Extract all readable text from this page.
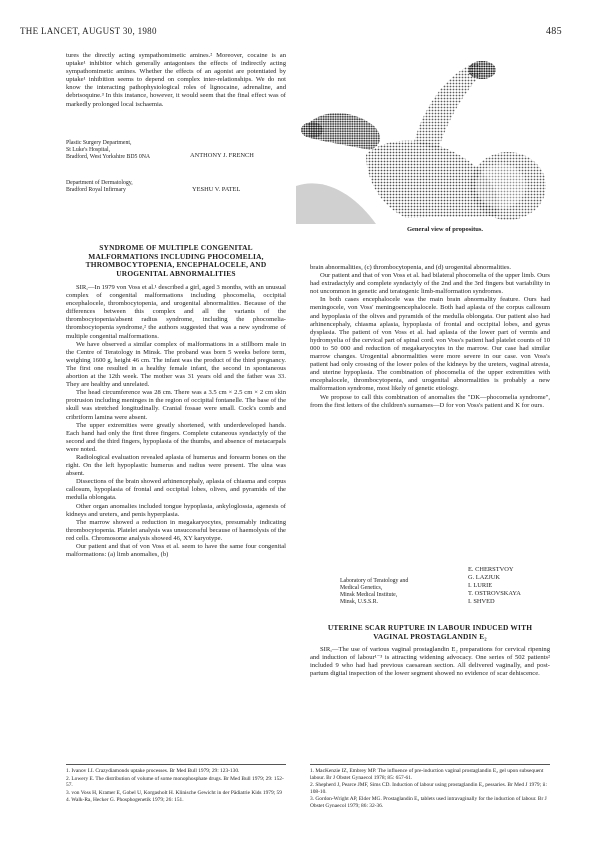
THE LANCET, AUGUST 30, 1980	485

tures the directly acting sympathomimetic amines.² Moreover, cocaine is an uptake¹ inhibitor which generally antagonises the effects of indirectly acting sympathomimetic amines. Whether the effects of an agonist are potentiated by uptake¹ inhibition seems to depend on complex inter-relationships. We do not know the interacting pathophysiological roles of lignocaine, adrenaline, and debrisoquine.³ In this instance, however, it would seem that the final effect was of markedly prolonged local ischaemia.

Plastic Surgery Department,
St Luke's Hospital,
Bradford, West Yorkshire BD5 0NA	ANTHONY J. FRENCH
Department of Dermatology,
Bradford Royal Infirmary	YESHU V. PATEL
General view of propositus.
SYNDROME OF MULTIPLE CONGENITAL MALFORMATIONS INCLUDING PHOCOMELIA, THROMBOCYTOPENIA, ENCEPHALOCELE, AND UROGENITAL ABNORMALITIES

SIR,—In 1979 von Voss et al.¹ described a girl, aged 3 months, with an unusual complex of congenital malformations including phocomelia, occipital encephalocele, thrombocytopenia, and urogenital abnormalities. Because of the differences between this complex and all the variants of the thrombocytopenia/absent radius syndrome, including the phocomelia-thrombocytopenia syndrome,² the authors suggested that was a new syndrome of multiple congenital malformations.

We have observed a similar complex of malformations in a stillborn male in the Centre of Teratology in Minsk. The proband was born 5 weeks before term, weighing 1600 g, height 46 cm. The infant was the product of the third pregnancy. The first one resulted in a healthy female infant, the second in spontaneous abortion at the 12th week. The mother was 31 years old and the father was 33. They are healthy and unrelated.

The head circumference was 28 cm. There was a 3.5 cm × 2.5 cm × 2 cm skin protrusion including meninges in the region of occipital fontanelle. The base of the skull was stretched longitudinally. Cranial fossae were small. Cock's comb and cribriform lamina were absent.

The upper extremities were greatly shortened, with underdeveloped hands. Each hand had only the first three fingers. Complete cutaneous syndactyly of the second and the third fingers, hypoplasia of the thumbs, and absence of metacarpals were noted.

Radiological evaluation revealed aplasia of humerus and forearm bones on the right. On the left hypoplastic humerus and radius were present. The ulna was absent.

Dissections of the brain showed arhinencephaly, aplasia of chiasma and corpus callosum, hypoplasia of frontal and occipital lobes, olives, and pyramids of the medulla oblongata.

Other organ anomalies included tongue hypoplasia, ankyloglossia, agenesis of kidneys and ureters, and penis hyperplasia.

The marrow showed a reduction in megakaryocytes, presumably indicating thrombocytopenia. Platelet analysis was unsuccessful because of haemolysis of the red cells. Chromosome analysis showed 46, XY karyotype.

Our patient and that of von Voss et al. seem to have the same four congenital malformations: (a) limb anomalies, (b)

1. Ivanov I.I. Crazydiamonds uptake processes. Br Med Bull 1979; 29: 123-130.

2. Lowery E. The distribution of volume of some monophosphate drugs. Br Med Bull 1979; 29: 152-57.

3. von Voss H, Kramer E, Gobel U, Korgasholt H. Klinische Gewicht in der Pädiatrie Kids 1979; 59

4. Walk-Ra, Hecker G. Phosphogenetik 1979; 26: 151.

brain abnormalities, (c) thrombocytopenia, and (d) urogenital abnormalities.

Our patient and that of von Voss et al. had bilateral phocomelia of the upper limb. Ours had extradactyly and complete syndactyly of the 2nd and the 3rd fingers but variability in not uncommon in genetic and teratogenic limb-malformation syndromes.

In both cases encephalocele was the main brain abnormality feature. Ours had meningocele, von Voss' meningoencephalocele. Both had aplasia of the corpus callosum and hypoplasia of the olives and pyramids of the medulla oblongata. Our patient also had arhinencephaly, chiasma aplasia, hypoplasia of frontal and occipital lobes, and gyrus dysplasia. The patient of von Voss et al. had aplasia of the lower part of vermis and hydromyelia of the cervical part of spinal cord. von Voss's patient had platelet counts of 10 000 to 50 000 and reduction of megakaryocytes in the marrow. Our case had similar marrow changes. Urogenital abnormalities were more severe in our case. von Voss's patient had only crossing of the lower poles of the kidneys by the ureters, vaginal atresia, and uterine hypoplasia. The combination of phocomelia of the upper extremities with encephalocele, thrombocytopenia, and urogenital abnormalities is probably a new malformation syndrome, most likely of genetic etiology.

We propose to call this combination of anomalies the "DK—phocomelia syndrome", from the first letters of the children's surnames—D for von Voss's patient and K for ours.

Laboratory of Teratology and
Medical Genetics,
Minsk Medical Institute,
Minsk, U.S.S.R.
E. CHERSTVOY
G. LAZJUK
I. LURIE
T. OSTROVSKAYA
I. SHVED
UTERINE SCAR RUPTURE IN LABOUR INDUCED WITH VAGINAL PROSTAGLANDIN E₂

SIR,—The use of various vaginal prostaglandin E₂ preparations for cervical ripening and induction of labour¹⁻³ is attracting widening advocacy. One series of 502 patients² included 9 who had had previous caesarean section. All delivered vaginally, and post-partum digital inspection of the lower segment showed no evidence of scar dehiscence.

1. MacKenzie IZ, Embrey MP. The influence of pre-induction vaginal prostaglandin E₂ gel upon subsequent labour. Br J Obstet Gynaecol 1978; 85: 657-61.

2. Shepherd J, Pearce JMF, Sims CD. Induction of labour using prostaglandin E₂ pessaries. Br Med J 1979; ii: 108-10.

3. Gordon-Wright AP, Elder MG. Prostaglandin E₂ tablets used intravaginally for the induction of labour. Br J Obstet Gynaecol 1979; 86: 32-36.
